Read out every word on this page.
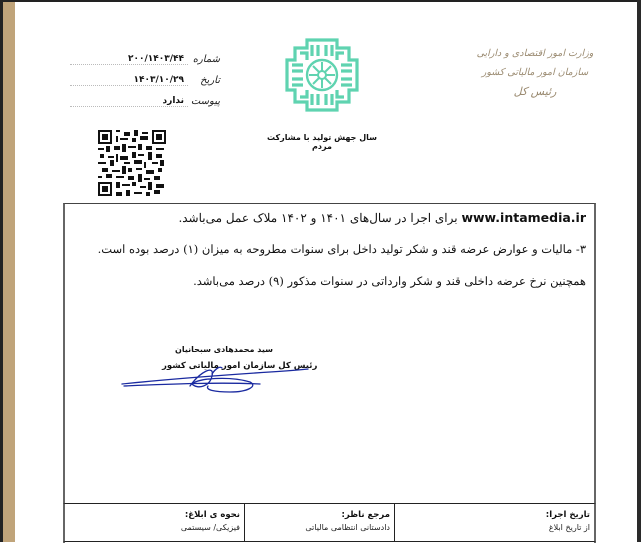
شماره
۲۰۰/۱۴۰۳/۴۴
تاریخ
۱۴۰۳/۱۰/۲۹
پیوست
ندارد
سال جهش تولید با مشارکت مردم
وزارت امور اقتصادی و دارایی
سازمان امور مالیاتی کشور
رئیس کل
www.intamedia.ir برای اجرا در سال‌های ۱۴۰۱ و ۱۴۰۲ ملاک عمل می‌باشد.
۳- مالیات و عوارض عرضه قند و شکر تولید داخل برای سنوات مطروحه به میزان (۱) درصد بوده است.
همچنین نرخ عرضه داخلی قند و شکر وارداتی در سنوات مذکور (۹) درصد می‌باشد.
سید محمدهادی سبحانیان
رئیس کل سازمان امور مالیاتی کشور
تاریخ اجرا:
از تاریخ ابلاغ
مرجع ناظر:
دادستانی انتظامی مالیاتی
نحوه ی ابلاغ:
فیزیکی/ سیستمی
